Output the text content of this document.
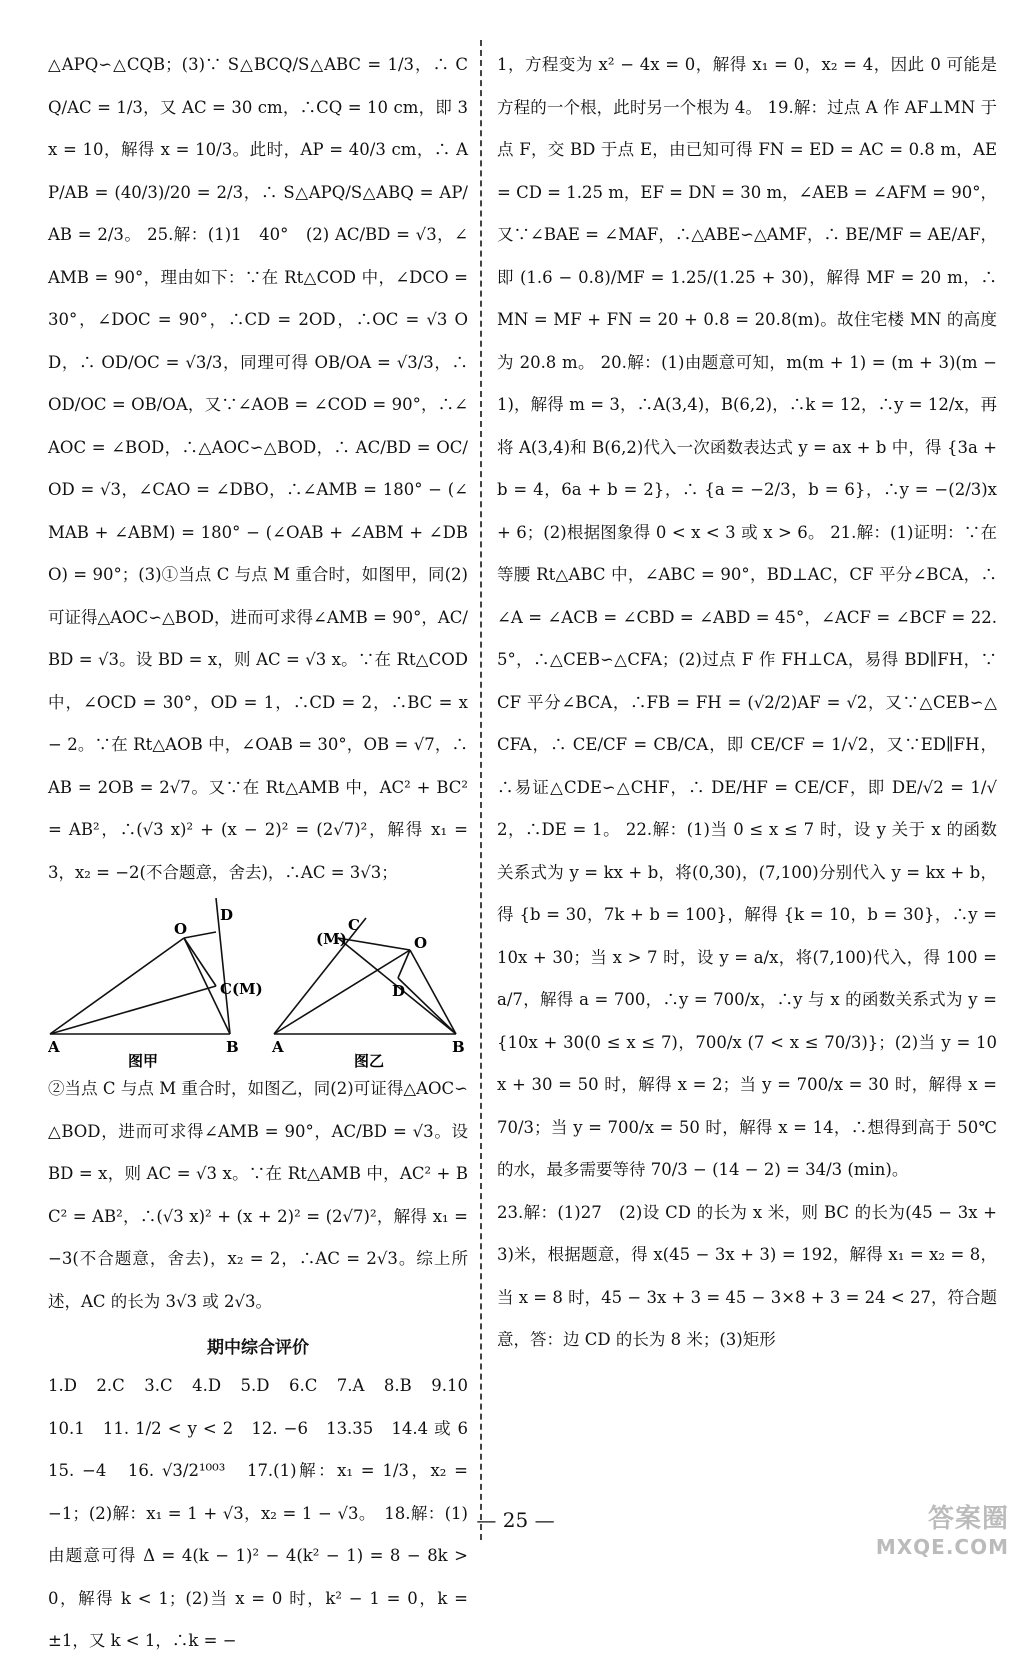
△APQ∽△CQB；(3)∵ S△BCQ/S△ABC = 1/3，∴ CQ/AC = 1/3，又 AC = 30 cm，∴CQ = 10 cm，即 3x = 10，解得 x = 10/3。此时，AP = 40/3 cm，∴ AP/AB = (40/3)/20 = 2/3，∴ S△APQ/S△ABQ = AP/AB = 2/3。 25.解：(1)1　40°　(2) AC/BD = √3，∠AMB = 90°，理由如下：∵在 Rt△COD 中，∠DCO = 30°，∠DOC = 90°，∴CD = 2OD，∴OC = √3 OD，∴ OD/OC = √3/3，同理可得 OB/OA = √3/3，∴ OD/OC = OB/OA，又∵∠AOB = ∠COD = 90°，∴∠AOC = ∠BOD，∴△AOC∽△BOD，∴ AC/BD = OC/OD = √3，∠CAO = ∠DBO，∴∠AMB = 180° − (∠MAB + ∠ABM) = 180° − (∠OAB + ∠ABM + ∠DBO) = 90°；(3)①当点 C 与点 M 重合时，如图甲，同(2)可证得△AOC∽△BOD，进而可求得∠AMB = 90°，AC/BD = √3。设 BD = x，则 AC = √3 x。∵在 Rt△COD 中，∠OCD = 30°，OD = 1，∴CD = 2，∴BC = x − 2。∵在 Rt△AOB 中，∠OAB = 30°，OB = √7，∴AB = 2OB = 2√7。又∵在 Rt△AMB 中，AC² + BC² = AB²，∴(√3 x)² + (x − 2)² = (2√7)²，解得 x₁ = 3，x₂ = −2(不合题意，舍去)，∴AC = 3√3；

A	B
O
D
C(M)
图甲
A	B
O
D
C
(M)
图乙

②当点 C 与点 M 重合时，如图乙，同(2)可证得△AOC∽△BOD，进而可求得∠AMB = 90°，AC/BD = √3。设 BD = x，则 AC = √3 x。∵在 Rt△AMB 中，AC² + BC² = AB²，∴(√3 x)² + (x + 2)² = (2√7)²，解得 x₁ = −3(不合题意，舍去)，x₂ = 2，∴AC = 2√3。综上所述，AC 的长为 3√3 或 2√3。

期中综合评价

1.D　2.C　3.C　4.D　5.D　6.C　7.A　8.B　9.10　10.1　11. 1/2 < y < 2　12. −6　13.35　14.4 或 6　15. −4　16. √3/2¹⁰⁰³　17.(1)解：x₁ = 1/3，x₂ = −1；(2)解：x₁ = 1 + √3，x₂ = 1 − √3。　18.解：(1)由题意可得 Δ = 4(k − 1)² − 4(k² − 1) = 8 − 8k > 0，解得 k < 1；(2)当 x = 0 时，k² − 1 = 0，k = ±1，又 k < 1，∴k = −

1，方程变为 x² − 4x = 0，解得 x₁ = 0，x₂ = 4，因此 0 可能是方程的一个根，此时另一个根为 4。 19.解：过点 A 作 AF⊥MN 于点 F，交 BD 于点 E，由已知可得 FN = ED = AC = 0.8 m，AE = CD = 1.25 m，EF = DN = 30 m，∠AEB = ∠AFM = 90°，又∵∠BAE = ∠MAF，∴△ABE∽△AMF，∴ BE/MF = AE/AF，即 (1.6 − 0.8)/MF = 1.25/(1.25 + 30)，解得 MF = 20 m，∴MN = MF + FN = 20 + 0.8 = 20.8(m)。故住宅楼 MN 的高度为 20.8 m。 20.解：(1)由题意可知，m(m + 1) = (m + 3)(m − 1)，解得 m = 3，∴A(3,4)，B(6,2)，∴k = 12，∴y = 12/x，再将 A(3,4)和 B(6,2)代入一次函数表达式 y = ax + b 中，得 {3a + b = 4，6a + b = 2}，∴ {a = −2/3，b = 6}，∴y = −(2/3)x + 6；(2)根据图象得 0 < x < 3 或 x > 6。 21.解：(1)证明：∵在等腰 Rt△ABC 中，∠ABC = 90°，BD⊥AC，CF 平分∠BCA，∴∠A = ∠ACB = ∠CBD = ∠ABD = 45°，∠ACF = ∠BCF = 22.5°，∴△CEB∽△CFA；(2)过点 F 作 FH⊥CA，易得 BD∥FH，∵CF 平分∠BCA，∴FB = FH = (√2/2)AF = √2，又∵△CEB∽△CFA，∴ CE/CF = CB/CA，即 CE/CF = 1/√2，又∵ED∥FH，∴易证△CDE∽△CHF，∴ DE/HF = CE/CF，即 DE/√2 = 1/√2，∴DE = 1。 22.解：(1)当 0 ≤ x ≤ 7 时，设 y 关于 x 的函数关系式为 y = kx + b，将(0,30)，(7,100)分别代入 y = kx + b，得 {b = 30，7k + b = 100}，解得 {k = 10，b = 30}，∴y = 10x + 30；当 x > 7 时，设 y = a/x，将(7,100)代入，得 100 = a/7，解得 a = 700，∴y = 700/x，∴y 与 x 的函数关系式为 y = {10x + 30(0 ≤ x ≤ 7)，700/x (7 < x ≤ 70/3)}；(2)当 y = 10x + 30 = 50 时，解得 x = 2；当 y = 700/x = 30 时，解得 x = 70/3；当 y = 700/x = 50 时，解得 x = 14，∴想得到高于 50℃的水，最多需要等待 70/3 − (14 − 2) = 34/3 (min)。

23.解：(1)27　(2)设 CD 的长为 x 米，则 BC 的长为(45 − 3x + 3)米，根据题意，得 x(45 − 3x + 3) = 192，解得 x₁ = x₂ = 8，当 x = 8 时，45 − 3x + 3 = 45 − 3×8 + 3 = 24 < 27，符合题意，答：边 CD 的长为 8 米；(3)矩形

— 25 —	答案圈
MXQE.COM
